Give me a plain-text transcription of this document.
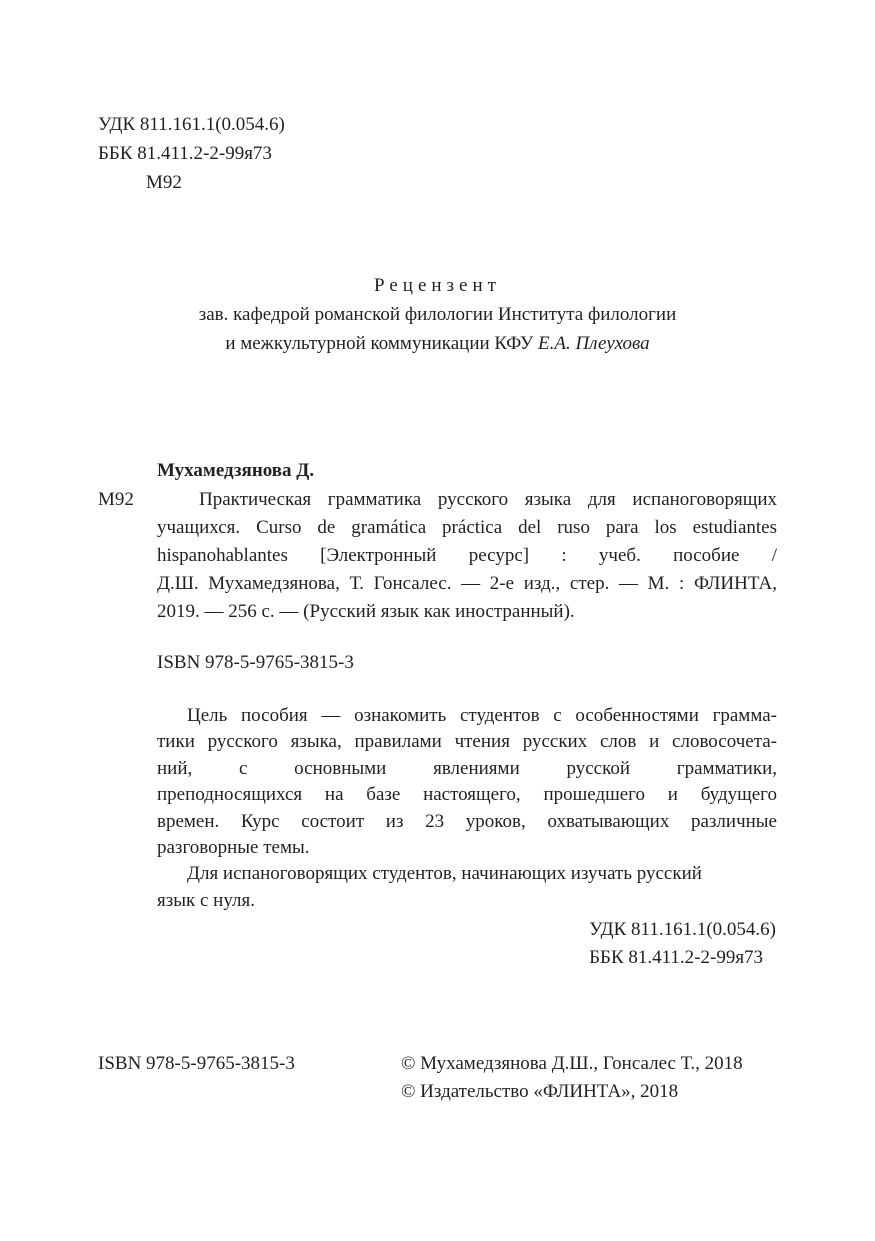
УДК 811.161.1(0.054.6)
ББК 81.411.2-2-99я73
М92
Рецензент
зав. кафедрой романской филологии Института филологии
и межкультурной коммуникации КФУ Е.А. Плеухова
Мухамедзянова Д.
М92	Практическая грамматика русского языка для испаноговорящих
учащихся. Curso de gramática práctica del ruso para los estudiantes
hispanohablantes [Электронный ресурс] : учеб. пособие /
Д.Ш. Мухамедзянова, Т. Гонсалес. — 2-е изд., стер. — М. : ФЛИНТА,
2019. — 256 с. — (Русский язык как иностранный).
ISBN 978-5-9765-3815-3
Цель пособия — ознакомить студентов с особенностями грамма-
тики русского языка, правилами чтения русских слов и словосочета-
ний, с основными явлениями русской грамматики,
преподносящихся на базе настоящего, прошедшего и будущего
времен. Курс состоит из 23 уроков, охватывающих различные
разговорные темы.
Для испаноговорящих студентов, начинающих изучать русский
язык с нуля.
УДК 811.161.1(0.054.6)
ББК 81.411.2-2-99я73
ISBN 978-5-9765-3815-3	© Мухамедзянова Д.Ш., Гонсалес Т., 2018
© Издательство «ФЛИНТА», 2018
